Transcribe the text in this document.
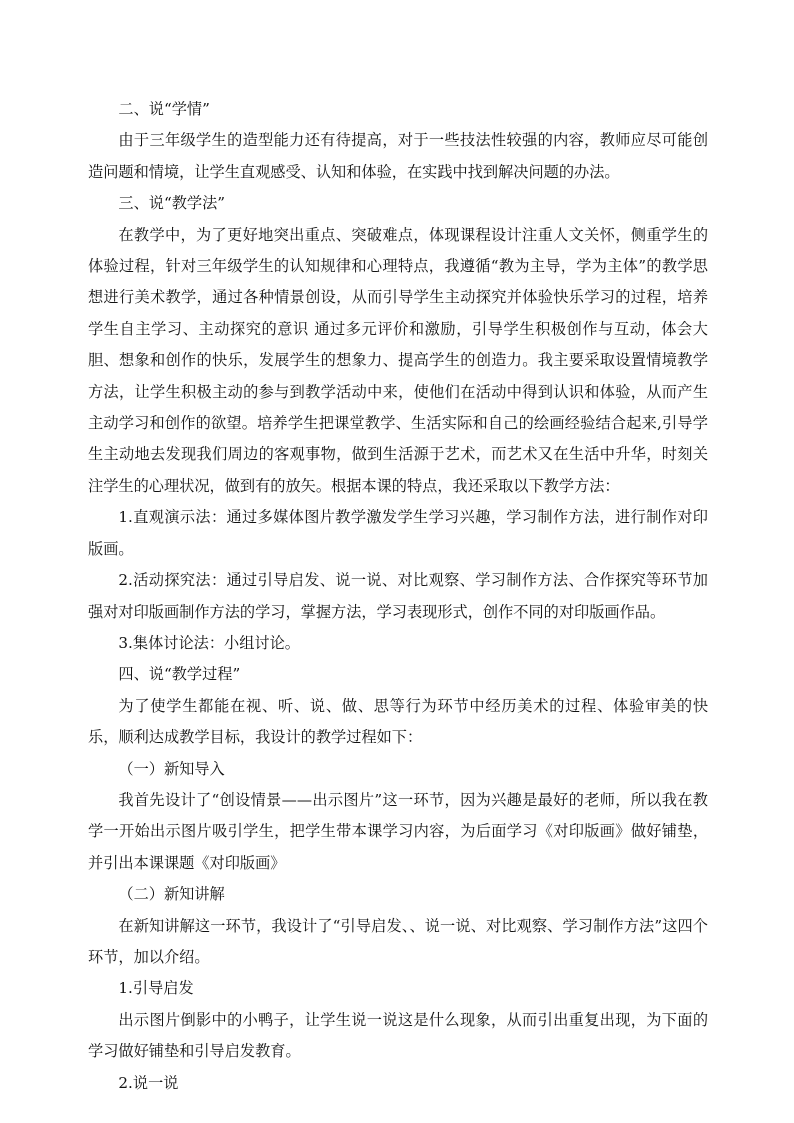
二、说“学情”

由于三年级学生的造型能力还有待提高，对于一些技法性较强的内容，教师应尽可能创造问题和情境，让学生直观感受、认知和体验，在实践中找到解决问题的办法。

三、说“教学法”

在教学中，为了更好地突出重点、突破难点，体现课程设计注重人文关怀，侧重学生的体验过程，针对三年级学生的认知规律和心理特点，我遵循“教为主导，学为主体”的教学思想进行美术教学，通过各种情景创设，从而引导学生主动探究并体验快乐学习的过程，培养学生自主学习、主动探究的意识 通过多元评价和激励，引导学生积极创作与互动，体会大胆、想象和创作的快乐，发展学生的想象力、提高学生的创造力。我主要采取设置情境教学方法，让学生积极主动的参与到教学活动中来，使他们在活动中得到认识和体验，从而产生主动学习和创作的欲望。培养学生把课堂教学、生活实际和自己的绘画经验结合起来,引导学生主动地去发现我们周边的客观事物，做到生活源于艺术，而艺术又在生活中升华，时刻关注学生的心理状况，做到有的放矢。根据本课的特点，我还采取以下教学方法：

1.直观演示法：通过多媒体图片教学激发学生学习兴趣，学习制作方法，进行制作对印版画。

2.活动探究法：通过引导启发、说一说、对比观察、学习制作方法、合作探究等环节加强对对印版画制作方法的学习，掌握方法，学习表现形式，创作不同的对印版画作品。

3.集体讨论法：小组讨论。

四、说“教学过程”

为了使学生都能在视、听、说、做、思等行为环节中经历美术的过程、体验审美的快乐，顺利达成教学目标，我设计的教学过程如下：

（一）新知导入

我首先设计了“创设情景——出示图片”这一环节，因为兴趣是最好的老师，所以我在教学一开始出示图片吸引学生，把学生带本课学习内容，为后面学习《对印版画》做好铺垫，并引出本课课题《对印版画》

（二）新知讲解

在新知讲解这一环节，我设计了“引导启发、、说一说、对比观察、学习制作方法”这四个环节，加以介绍。

1.引导启发

出示图片倒影中的小鸭子，让学生说一说这是什么现象，从而引出重复出现，为下面的学习做好铺垫和引导启发教育。

2.说一说
